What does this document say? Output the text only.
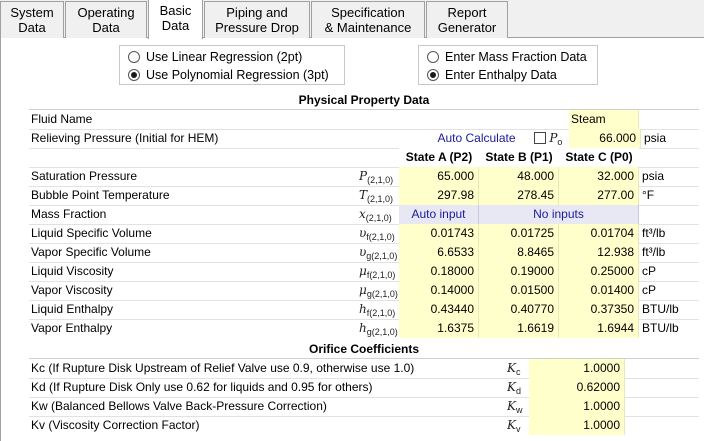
System
Data
Operating
Data
Basic
Data
Piping and
Pressure Drop
Specification
& Maintenance
Report
Generator
Use Linear Regression (2pt)
Use Polynomial Regression (3pt)
Enter Mass Fraction Data
Enter Enthalpy Data
Physical Property Data
Fluid Name	Steam
Relieving Pressure (Initial for HEM)	Auto Calculate	$P_o$	66.000 psia
State A (P2)	State B (P1)	State C (P0)
Saturation Pressure	$P_{(2,1,0)}$	65.000	48.000	32.000 psia
Bubble Point Temperature	$T_{(2,1,0)}$	297.98	278.45	277.00 °F
Mass Fraction	$x_{(2,1,0)}$	Auto input	No inputs
Liquid Specific Volume	$\upsilon_{f(2,1,0)}$	0.01743	0.01725	0.01704 ft³/lb
Vapor Specific Volume	$\upsilon_{g(2,1,0)}$	6.6533	8.8465	12.938 ft³/lb
Liquid Viscosity	$\mu_{f(2,1,0)}$	0.18000	0.19000	0.25000 cP
Vapor Viscosity	$\mu_{g(2,1,0)}$	0.14000	0.01500	0.01400 cP
Liquid Enthalpy	$h_{f(2,1,0)}$	0.43440	0.40770	0.37350 BTU/lb
Vapor Enthalpy	$h_{g(2,1,0)}$	1.6375	1.6619	1.6944 BTU/lb
Orifice Coefficients
Kc (If Rupture Disk Upstream of Relief Valve use 0.9, otherwise use 1.0)	$K_c$	1.0000
Kd (If Rupture Disk Only use 0.62 for liquids and 0.95 for others)	$K_d$	0.62000
Kw (Balanced Bellows Valve Back-Pressure Correction)	$K_w$	1.0000
Kv (Viscosity Correction Factor)	$K_v$	1.0000
